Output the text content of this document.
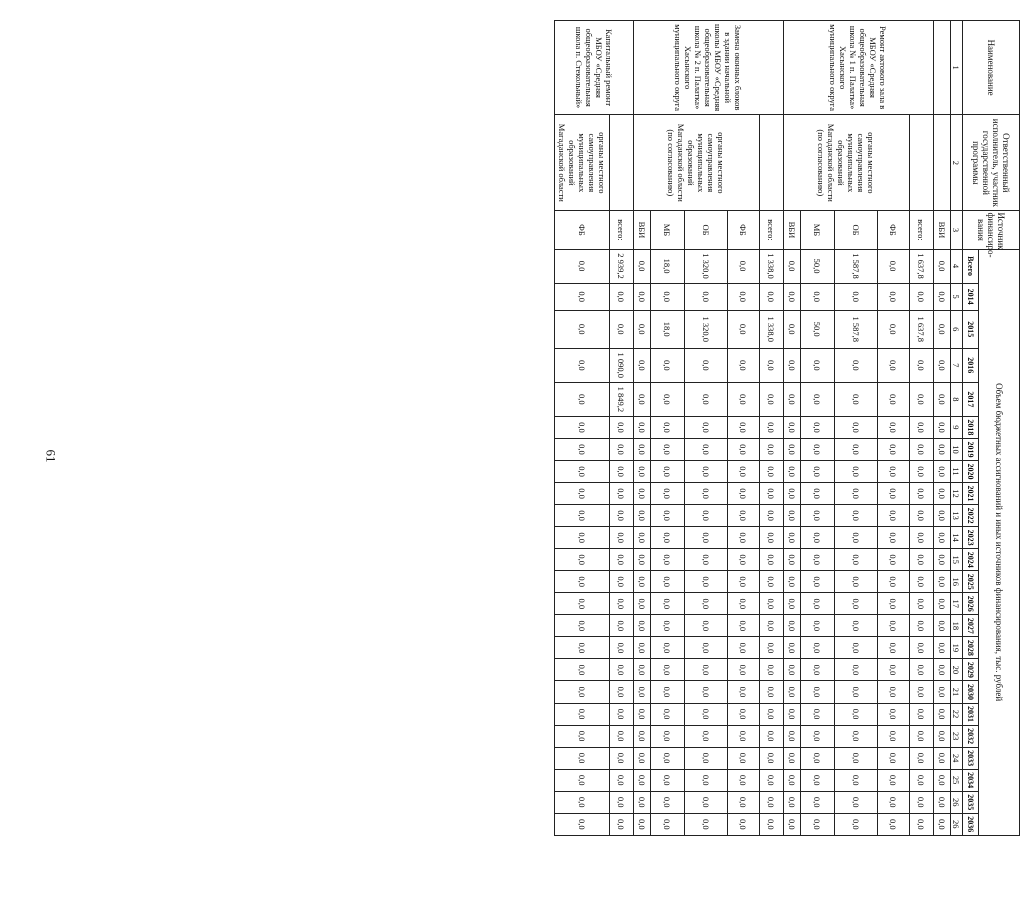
61
Наименование	Ответственный исполнитель, участник государственной программы	Источник финансиро-вания	Объем бюджетных ассигнований и иных источников финансирования, тыс. рублей																							
			Всего	2014	2015	2016	2017	2018	2019	2020	2021	2022	2023	2024	2025	2026	2027	2028	2029	2030	2031	2032	2033	2034	2035	2036
1	2	3	4	5	6	7	8	9	10	11	12	13	14	15	16	17	18	19	20	21	22	23	24	25	26	26
		ВБИ	0,0	0,0	0,0	0,0	0,0	0,0	0,0	0,0	0,0	0,0	0,0	0,0	0,0	0,0	0,0	0,0	0,0	0,0	0,0	0,0	0,0	0,0	0,0	0,0
Ремонт актового зала в МБОУ «Средняя общеобразовательная школа № 1 п. Палатка» Хасынского муниципального округа		всего:	1 637,8	0,0	1 637,8	0,0	0,0	0,0	0,0	0,0	0,0	0,0	0,0	0,0	0,0	0,0	0,0	0,0	0,0	0,0	0,0	0,0	0,0	0,0	0,0	0,0
	органы местного самоуправления муниципальных образований Магаданской области (по согласованию)	ФБ	0,0	0,0	0,0	0,0	0,0	0,0	0,0	0,0	0,0	0,0	0,0	0,0	0,0	0,0	0,0	0,0	0,0	0,0	0,0	0,0	0,0	0,0	0,0	0,0
		ОБ	1 587,8	0,0	1 587,8	0,0	0,0	0,0	0,0	0,0	0,0	0,0	0,0	0,0	0,0	0,0	0,0	0,0	0,0	0,0	0,0	0,0	0,0	0,0	0,0	0,0
		МБ	50,0	0,0	50,0	0,0	0,0	0,0	0,0	0,0	0,0	0,0	0,0	0,0	0,0	0,0	0,0	0,0	0,0	0,0	0,0	0,0	0,0	0,0	0,0	0,0
		ВБИ	0,0	0,0	0,0	0,0	0,0	0,0	0,0	0,0	0,0	0,0	0,0	0,0	0,0	0,0	0,0	0,0	0,0	0,0	0,0	0,0	0,0	0,0	0,0	0,0
Замена оконных блоков в здании начальной школы МБОУ «Средняя общеобразовательная школа № 2 п. Палатка» Хасынского муниципального округа		всего:	1 338,0	0,0	1 338,0	0,0	0,0	0,0	0,0	0,0	0,0	0,0	0,0	0,0	0,0	0,0	0,0	0,0	0,0	0,0	0,0	0,0	0,0	0,0	0,0	0,0
	органы местного самоуправления муниципальных образований Магаданской области (по согласованию)	ФБ	0,0	0,0	0,0	0,0	0,0	0,0	0,0	0,0	0,0	0,0	0,0	0,0	0,0	0,0	0,0	0,0	0,0	0,0	0,0	0,0	0,0	0,0	0,0	0,0
		ОБ	1 320,0	0,0	1 320,0	0,0	0,0	0,0	0,0	0,0	0,0	0,0	0,0	0,0	0,0	0,0	0,0	0,0	0,0	0,0	0,0	0,0	0,0	0,0	0,0	0,0
		МБ	18,0	0,0	18,0	0,0	0,0	0,0	0,0	0,0	0,0	0,0	0,0	0,0	0,0	0,0	0,0	0,0	0,0	0,0	0,0	0,0	0,0	0,0	0,0	0,0
		ВБИ	0,0	0,0	0,0	0,0	0,0	0,0	0,0	0,0	0,0	0,0	0,0	0,0	0,0	0,0	0,0	0,0	0,0	0,0	0,0	0,0	0,0	0,0	0,0	0,0
Капитальный ремонт МБОУ «Средняя общеобразовательная школа п. Стекольный»		всего:	2 939,2	0,0	0,0	1 090,0	1 849,2	0,0	0,0	0,0	0,0	0,0	0,0	0,0	0,0	0,0	0,0	0,0	0,0	0,0	0,0	0,0	0,0	0,0	0,0	0,0
	органы местного самоуправления муниципальных образований Магаданской области	ФБ	0,0	0,0	0,0	0,0	0,0	0,0	0,0	0,0	0,0	0,0	0,0	0,0	0,0	0,0	0,0	0,0	0,0	0,0	0,0	0,0	0,0	0,0	0,0	0,0
